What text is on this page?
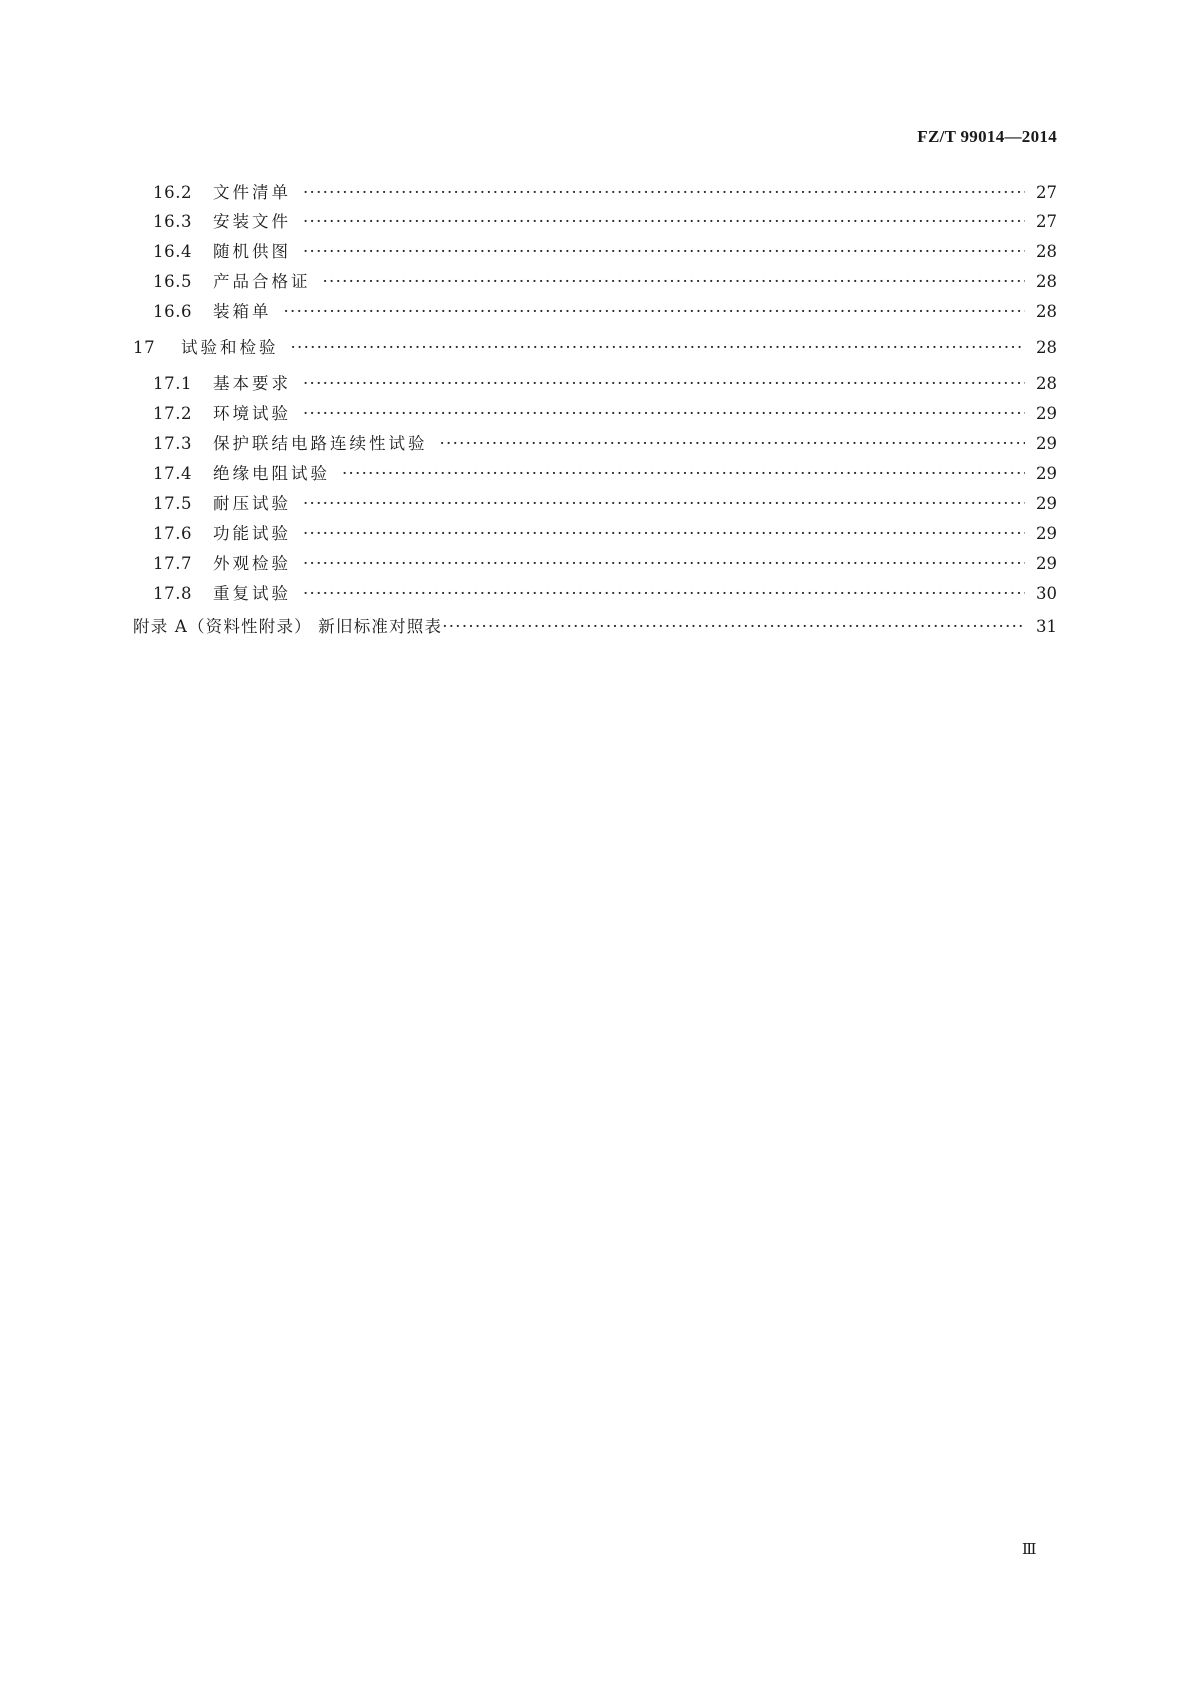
FZ/T 99014—2014
16.2	文件清单 ·····	27
16.3	安装文件 ·····	27
16.4	随机供图 ·····	28
16.5	产品合格证 ·····	28
16.6	装箱单 ·····	28
17	试验和检验 ·····	28
17.1	基本要求 ·····	28
17.2	环境试验 ·····	29
17.3	保护联结电路连续性试验 ·····	29
17.4	绝缘电阻试验 ·····	29
17.5	耐压试验 ·····	29
17.6	功能试验 ·····	29
17.7	外观检验 ·····	29
17.8	重复试验 ·····	30
附录 A（资料性附录） 新旧标准对照表 ·····	31
Ⅲ
